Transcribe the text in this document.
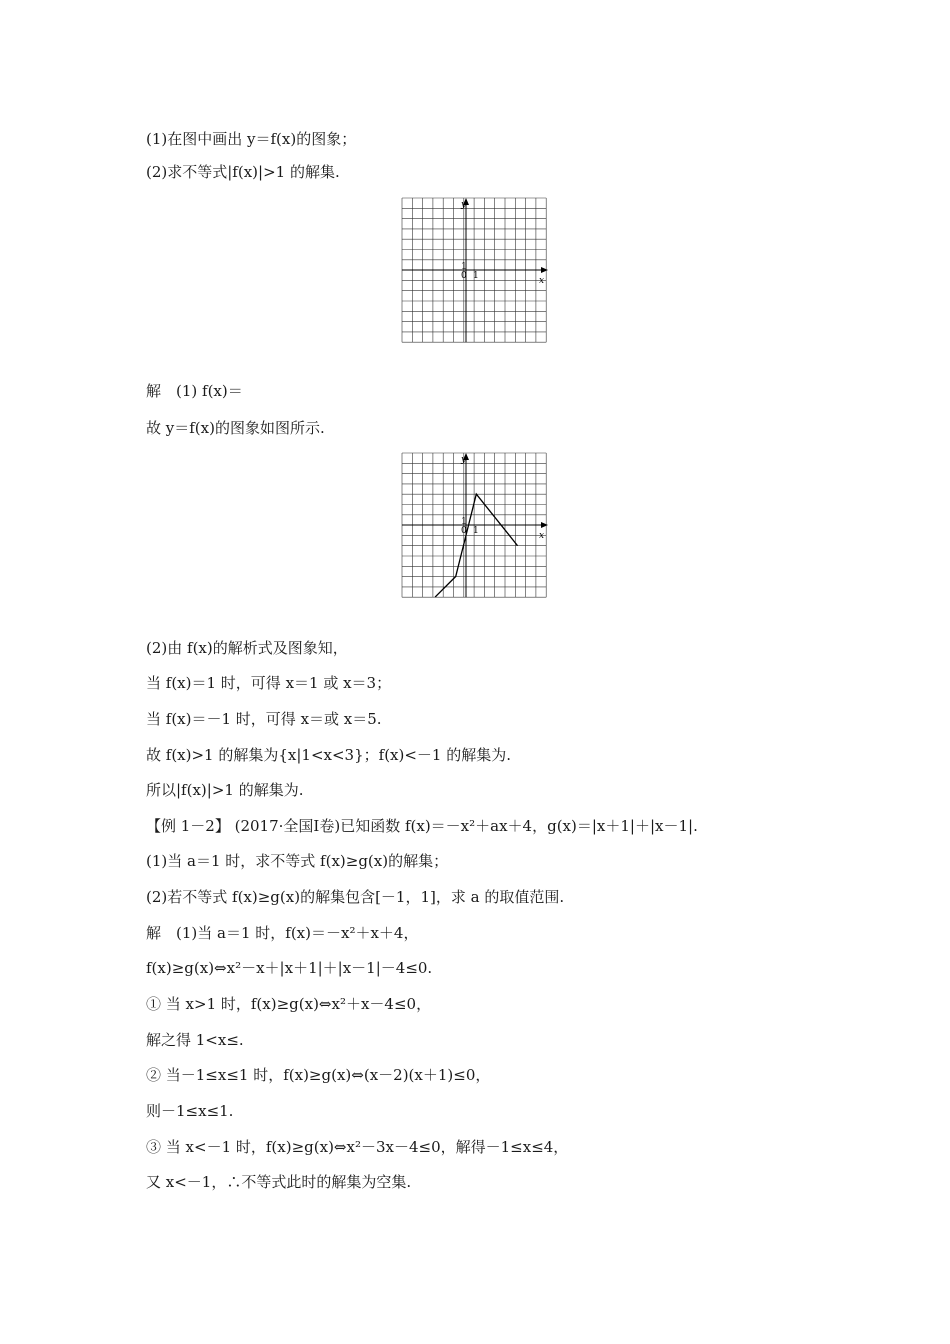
(1)在图中画出 y＝f(x)的图象；
(2)求不等式|f(x)|>1 的解集.
y
x
1
0 1
解　(1) f(x)＝
故 y＝f(x)的图象如图所示.
y
x
1
0 1
(2)由 f(x)的解析式及图象知，
当 f(x)＝1 时，可得 x＝1 或 x＝3；
当 f(x)＝－1 时，可得 x＝或 x＝5.
故 f(x)>1 的解集为{x|1<x<3}；f(x)<－1 的解集为.
所以|f(x)|>1 的解集为.
【例 1－2】 (2017·全国Ⅰ卷)已知函数 f(x)＝－x²＋ax＋4，g(x)＝|x＋1|＋|x－1|.
(1)当 a＝1 时，求不等式 f(x)≥g(x)的解集；
(2)若不等式 f(x)≥g(x)的解集包含[－1，1]，求 a 的取值范围.
解　(1)当 a＝1 时，f(x)＝－x²＋x＋4，
f(x)≥g(x)⇔x²－x＋|x＋1|＋|x－1|－4≤0.
① 当 x>1 时，f(x)≥g(x)⇔x²＋x－4≤0，
解之得 1<x≤.
② 当－1≤x≤1 时，f(x)≥g(x)⇔(x－2)(x＋1)≤0，
则－1≤x≤1.
③ 当 x<－1 时，f(x)≥g(x)⇔x²－3x－4≤0，解得－1≤x≤4，
又 x<－1，∴不等式此时的解集为空集.
